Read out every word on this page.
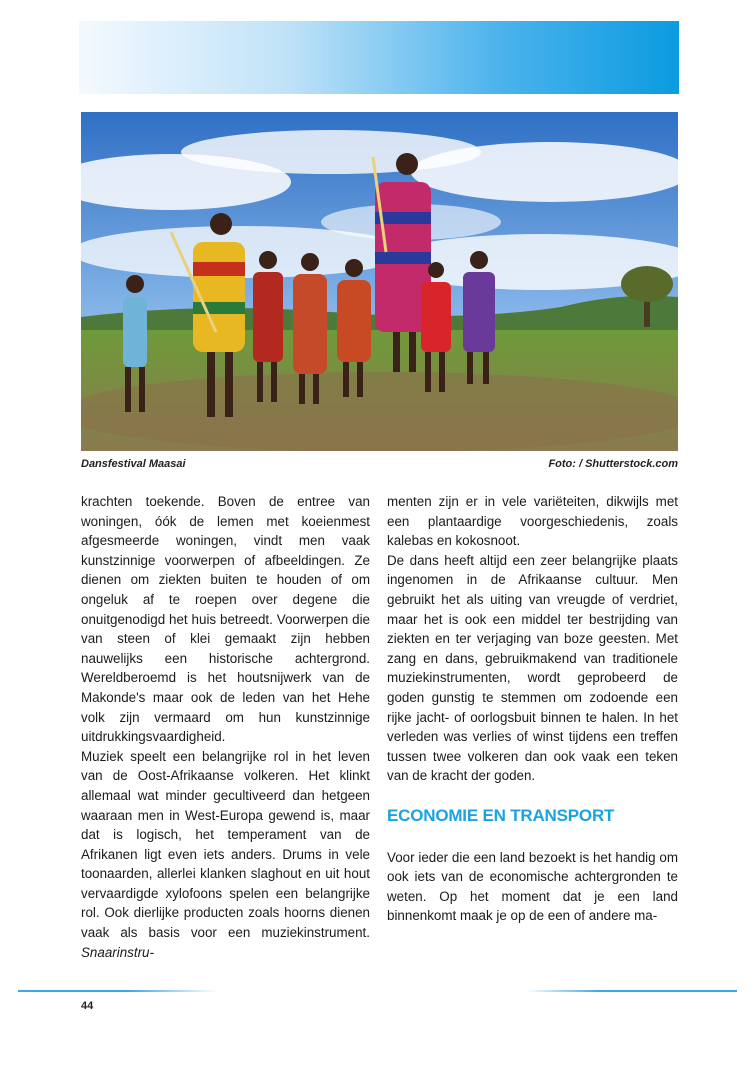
Dansfestival Maasai	Foto: / Shutterstock.com

krachten toekende. Boven de entree van woningen, óók de lemen met koeienmest afgesmeerde woningen, vindt men vaak kunstzinnige voorwerpen of afbeeldingen. Ze dienen om ziekten buiten te houden of om ongeluk af te roepen over degene die onuitgenodigd het huis betreedt. Voorwerpen die van steen of klei gemaakt zijn hebben nauwelijks een historische achtergrond. Wereldberoemd is het houtsnijwerk van de Makonde's maar ook de leden van het Hehe volk zijn vermaard om hun kunstzinnige uitdrukkingsvaardigheid.

Muziek speelt een belangrijke rol in het leven van de Oost-Afrikaanse volkeren. Het klinkt allemaal wat minder gecultiveerd dan hetgeen waaraan men in West-Europa gewend is, maar dat is logisch, het temperament van de Afrikanen ligt even iets anders. Drums in vele toonaarden, allerlei klanken slaghout en uit hout vervaardigde xylofoons spelen een belangrijke rol. Ook dierlijke producten zoals hoorns dienen vaak als basis voor een muziekinstrument. Snaarinstru-

menten zijn er in vele variëteiten, dikwijls met een plantaardige voorgeschiedenis, zoals kalebas en kokosnoot.

De dans heeft altijd een zeer belangrijke plaats ingenomen in de Afrikaanse cultuur. Men gebruikt het als uiting van vreugde of verdriet, maar het is ook een middel ter bestrijding van ziekten en ter verjaging van boze geesten. Met zang en dans, gebruikmakend van traditionele muziekinstrumenten, wordt geprobeerd de goden gunstig te stemmen om zodoende een rijke jacht- of oorlogsbuit binnen te halen. In het verleden was verlies of winst tijdens een treffen tussen twee volkeren dan ook vaak een teken van de kracht der goden.

ECONOMIE EN TRANSPORT

Voor ieder die een land bezoekt is het handig om ook iets van de economische achtergronden te weten. Op het moment dat je een land binnenkomt maak je op de een of andere ma-

44
